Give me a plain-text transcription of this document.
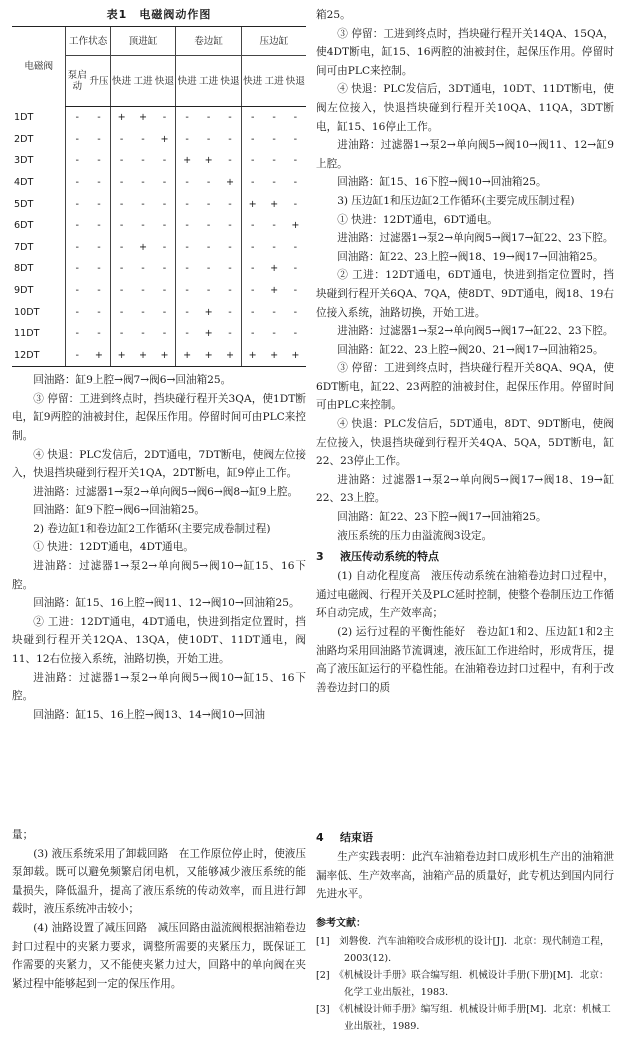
表1　电磁阀动作图
电磁阀	工作状态		顶进缸			卷边缸			压边缸		
	泵启动	升压	快进	工进	快退	快进	工进	快退	快进	工进	快退
1DT	-	-	+	+	-	-	-	-	-	-	-
2DT	-	-	-	-	+	-	-	-	-	-	-
3DT	-	-	-	-	-	+	+	-	-	-	-
4DT	-	-	-	-	-	-	-	+	-	-	-
5DT	-	-	-	-	-	-	-	-	+	+	-
6DT	-	-	-	-	-	-	-	-	-	-	+
7DT	-	-	-	+	-	-	-	-	-	-	-
8DT	-	-	-	-	-	-	-	-	-	+	-
9DT	-	-	-	-	-	-	-	-	-	+	-
10DT	-	-	-	-	-	-	+	-	-	-	-
11DT	-	-	-	-	-	-	+	-	-	-	-
12DT	-	+	+	+	+	+	+	+	+	+	+

回油路：缸9上腔→阀7→阀6→回油箱25。

③ 停留：工进到终点时，挡块碰行程开关3QA，使1DT断电，缸9两腔的油被封住，起保压作用。停留时间可由PLC来控制。

④ 快退：PLC发信后，2DT通电，7DT断电，使阀左位接入，快退挡块碰到行程开关1QA，2DT断电，缸9停止工作。

进油路：过滤器1→泵2→单向阀5→阀6→阀8→缸9上腔。

回油路：缸9下腔→阀6→回油箱25。

2) 卷边缸1和卷边缸2工作循环(主要完成卷制过程)

① 快进：12DT通电，4DT通电。

进油路：过滤器1→泵2→单向阀5→阀10→缸15、16下腔。

回油路：缸15、16上腔→阀11、12→阀10→回油箱25。

② 工进：12DT通电，4DT通电，快进到指定位置时，挡块碰到行程开关12QA、13QA，使10DT、11DT通电，阀11、12右位接入系统，油路切换，开始工进。

进油路：过滤器1→泵2→单向阀5→阀10→缸15、16下腔。

回油路：缸15、16上腔→阀13、14→阀10→回油

箱25。

③ 停留：工进到终点时，挡块碰行程开关14QA、15QA，使4DT断电，缸15、16两腔的油被封住，起保压作用。停留时间可由PLC来控制。

④ 快退：PLC发信后，3DT通电，10DT、11DT断电，使阀左位接入，快退挡块碰到行程开关10QA、11QA，3DT断电，缸15、16停止工作。

进油路：过滤器1→泵2→单向阀5→阀10→阀11、12→缸9上腔。

回油路：缸15、16下腔→阀10→回油箱25。

3) 压边缸1和压边缸2工作循环(主要完成压制过程)

① 快进：12DT通电，6DT通电。

进油路：过滤器1→泵2→单向阀5→阀17→缸22、23下腔。

回油路：缸22、23上腔→阀18、19→阀17→回油箱25。

② 工进：12DT通电，6DT通电，快进到指定位置时，挡块碰到行程开关6QA、7QA，使8DT、9DT通电，阀18、19右位接入系统，油路切换，开始工进。

进油路：过滤器1→泵2→单向阀5→阀17→缸22、23下腔。

回油路：缸22、23上腔→阀20、21→阀17→回油箱25。

③ 停留：工进到终点时，挡块碰行程开关8QA、9QA，使6DT断电，缸22、23两腔的油被封住，起保压作用。停留时间可由PLC来控制。

④ 快退：PLC发信后，5DT通电，8DT、9DT断电，使阀左位接入，快退挡块碰到行程开关4QA、5QA，5DT断电，缸22、23停止工作。

进油路：过滤器1→泵2→单向阀5→阀17→阀18、19→缸22、23上腔。

回油路：缸22、23下腔→阀17→回油箱25。

液压系统的压力由溢流阀3设定。

3 液压传动系统的特点

(1) 自动化程度高　液压传动系统在油箱卷边封口过程中，通过电磁阀、行程开关及PLC延时控制，使整个卷制压边工作循环自动完成，生产效率高；

(2) 运行过程的平衡性能好　卷边缸1和2、压边缸1和2主油路均采用回油路节流调速，液压缸工作进给时，形成背压，提高了液压缸运行的平稳性能。在油箱卷边封口过程中，有利于改善卷边封口的质

量；

(3) 液压系统采用了卸载回路　在工作原位停止时，使液压泵卸载。既可以避免频繁启闭电机，又能够减少液压系统的能量损失，降低温升，提高了液压系统的传动效率，而且进行卸载时，液压系统冲击较小；

(4) 油路设置了减压回路　减压回路由溢流阀根据油箱卷边封口过程中的夹紧力要求，调整所需要的夹紧压力，既保证工作需要的夹紧力，又不能使夹紧力过大，回路中的单向阀在夹紧过程中能够起到一定的保压作用。

4 结束语

生产实践表明：此汽车油箱卷边封口成形机生产出的油箱泄漏率低、生产效率高，油箱产品的质量好，此专机达到国内同行先进水平。

参考文献：

[1]　刘磐俊．汽车油箱咬合成形机的设计[J]．北京：现代制造工程，2003(12)．

[2]　《机械设计手册》联合编写组．机械设计手册(下册)[M]．北京：化学工业出版社，1983．

[3]　《机械设计师手册》编写组．机械设计师手册[M]．北京：机械工业出版社，1989．
